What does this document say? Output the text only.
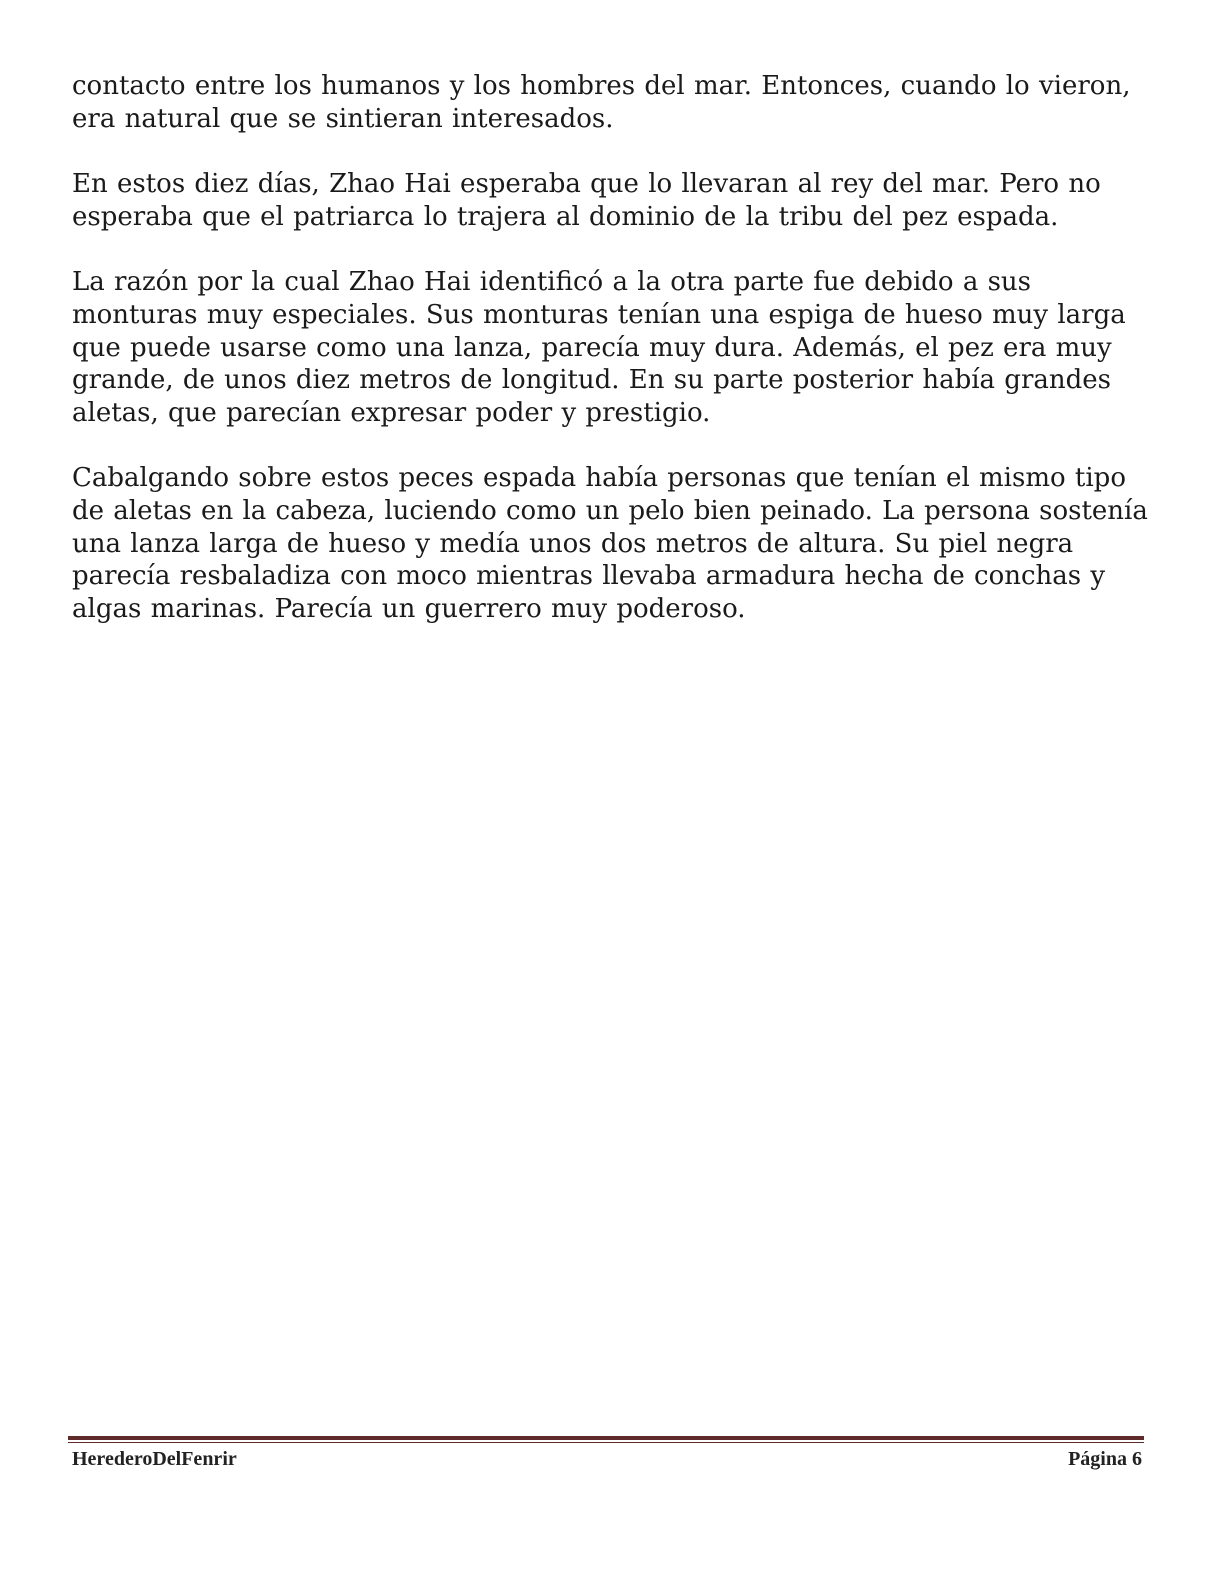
contacto entre los humanos y los hombres del mar. Entonces, cuando lo vieron, era natural que se sintieran interesados.

En estos diez días, Zhao Hai esperaba que lo llevaran al rey del mar. Pero no esperaba que el patriarca lo trajera al dominio de la tribu del pez espada.

La razón por la cual Zhao Hai identificó a la otra parte fue debido a sus monturas muy especiales. Sus monturas tenían una espiga de hueso muy larga que puede usarse como una lanza, parecía muy dura. Además, el pez era muy grande, de unos diez metros de longitud. En su parte posterior había grandes aletas, que parecían expresar poder y prestigio.

Cabalgando sobre estos peces espada había personas que tenían el mismo tipo de aletas en la cabeza, luciendo como un pelo bien peinado. La persona sostenía una lanza larga de hueso y medía unos dos metros de altura. Su piel negra parecía resbaladiza con moco mientras llevaba armadura hecha de conchas y algas marinas. Parecía un guerrero muy poderoso.

HerederoDelFenrir	Página 6
